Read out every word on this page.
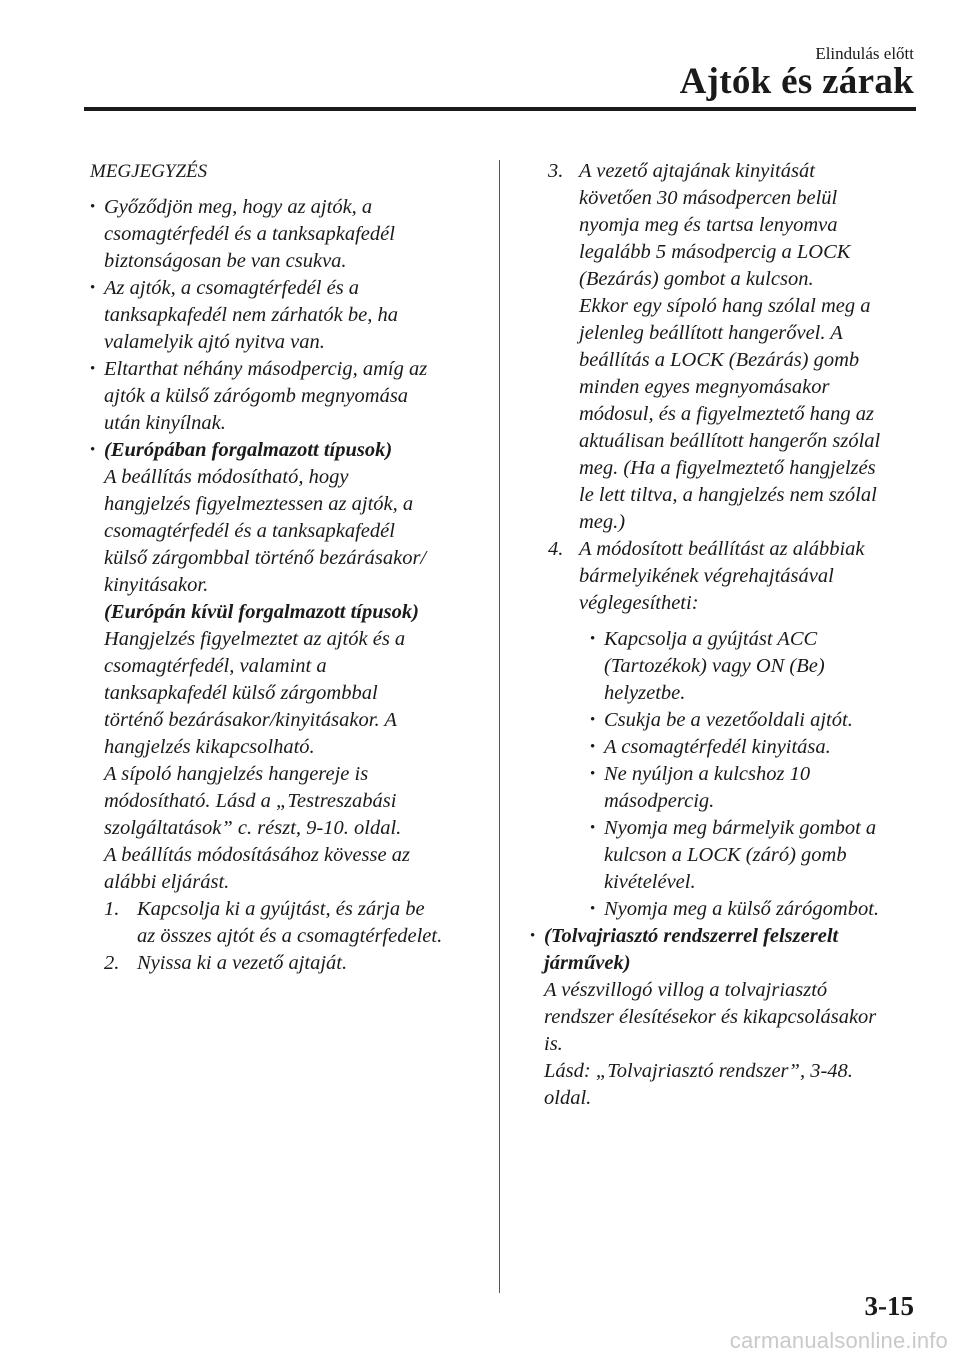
Elindulás előtt
Ajtók és zárak
MEGJEGYZÉS
• Győződjön meg, hogy az ajtók, a
csomagtérfedél és a tanksapkafedél
biztonságosan be van csukva.
• Az ajtók, a csomagtérfedél és a
tanksapkafedél nem zárhatók be, ha
valamelyik ajtó nyitva van.
• Eltarthat néhány másodpercig, amíg az
ajtók a külső zárógomb megnyomása
után kinyílnak.
• (Európában forgalmazott típusok)
A beállítás módosítható, hogy
hangjelzés figyelmeztessen az ajtók, a
csomagtérfedél és a tanksapkafedél
külső zárgombbal történő bezárásakor/
kinyitásakor.
(Európán kívül forgalmazott típusok)
Hangjelzés figyelmeztet az ajtók és a
csomagtérfedél, valamint a
tanksapkafedél külső zárgombbal
történő bezárásakor/kinyitásakor. A
hangjelzés kikapcsolható.
A sípoló hangjelzés hangereje is
módosítható. Lásd a „Testreszabási
szolgáltatások” c. részt, 9-10. oldal.
A beállítás módosításához kövesse az
alábbi eljárást.
1. Kapcsolja ki a gyújtást, és zárja be
az összes ajtót és a csomagtérfedelet.
2. Nyissa ki a vezető ajtaját.
3. A vezető ajtajának kinyitását
követően 30 másodpercen belül
nyomja meg és tartsa lenyomva
legalább 5 másodpercig a LOCK
(Bezárás) gombot a kulcson.
Ekkor egy sípoló hang szólal meg a
jelenleg beállított hangerővel. A
beállítás a LOCK (Bezárás) gomb
minden egyes megnyomásakor
módosul, és a figyelmeztető hang az
aktuálisan beállított hangerőn szólal
meg. (Ha a figyelmeztető hangjelzés
le lett tiltva, a hangjelzés nem szólal
meg.)
4. A módosított beállítást az alábbiak
bármelyikének végrehajtásával
véglegesítheti:
• Kapcsolja a gyújtást ACC
(Tartozékok) vagy ON (Be)
helyzetbe.
• Csukja be a vezetőoldali ajtót.
• A csomagtérfedél kinyitása.
• Ne nyúljon a kulcshoz 10
másodpercig.
• Nyomja meg bármelyik gombot a
kulcson a LOCK (záró) gomb
kivételével.
• Nyomja meg a külső zárógombot.
• (Tolvajriasztó rendszerrel felszerelt
járművek)
A vészvillogó villog a tolvajriasztó
rendszer élesítésekor és kikapcsolásakor
is.
Lásd: „Tolvajriasztó rendszer”, 3-48.
oldal.
3-15
carmanualsonline.info
